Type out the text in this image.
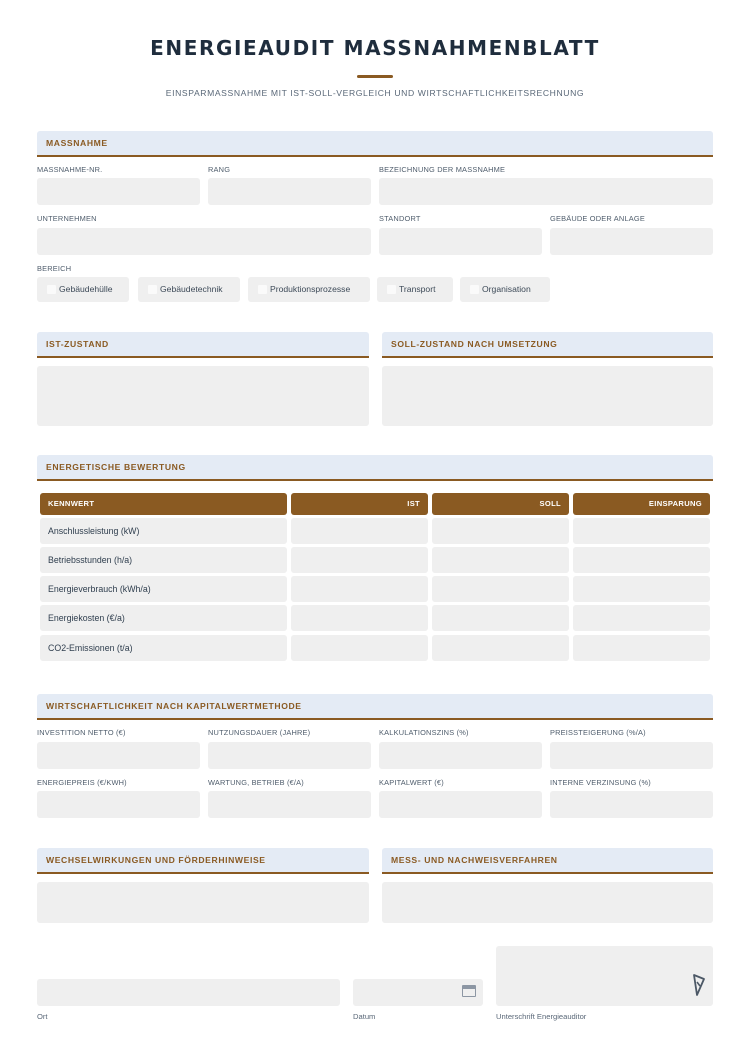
ENERGIEAUDIT MASSNAHMENBLATT
EINSPARMASSNAHME MIT IST-SOLL-VERGLEICH UND WIRTSCHAFTLICHKEITSRECHNUNG
MASSNAHME
MASSNAHME-NR.	RANG	BEZEICHNUNG DER MASSNAHME
UNTERNEHMEN	STANDORT	GEBÄUDE ODER ANLAGE
BEREICH
Gebäudehülle	Gebäudetechnik	Produktionsprozesse	Transport	Organisation
IST-ZUSTAND	SOLL-ZUSTAND NACH UMSETZUNG
ENERGETISCHE BEWERTUNG
KENNWERT	IST	SOLL	EINSPARUNG
Anschlussleistung (kW)
Betriebsstunden (h/a)
Energieverbrauch (kWh/a)
Energiekosten (€/a)
CO2-Emissionen (t/a)
WIRTSCHAFTLICHKEIT NACH KAPITALWERTMETHODE
INVESTITION NETTO (€)	NUTZUNGSDAUER (JAHRE)	KALKULATIONSZINS (%)	PREISSTEIGERUNG (%/A)
ENERGIEPREIS (€/KWH)	WARTUNG, BETRIEB (€/A)	KAPITALWERT (€)	INTERNE VERZINSUNG (%)
WECHSELWIRKUNGEN UND FÖRDERHINWEISE	MESS- UND NACHWEISVERFAHREN
Ort	Datum	Unterschrift Energieauditor
